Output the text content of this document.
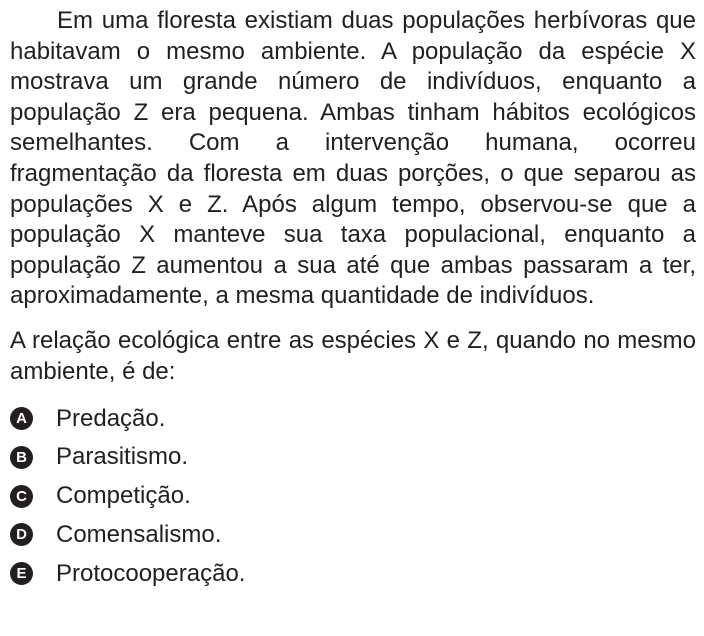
Em uma floresta existiam duas populações herbívoras que habitavam o mesmo ambiente. A população da espécie X mostrava um grande número de indivíduos, enquanto a população Z era pequena. Ambas tinham hábitos ecológicos semelhantes. Com a intervenção humana, ocorreu fragmentação da floresta em duas porções, o que separou as populações X e Z. Após algum tempo, observou-se que a população X manteve sua taxa populacional, enquanto a população Z aumentou a sua até que ambas passaram a ter, aproximadamente, a mesma quantidade de indivíduos.

A relação ecológica entre as espécies X e Z, quando no mesmo ambiente, é de:

A Predação.
B Parasitismo.
C Competição.
D Comensalismo.
E Protocooperação.
